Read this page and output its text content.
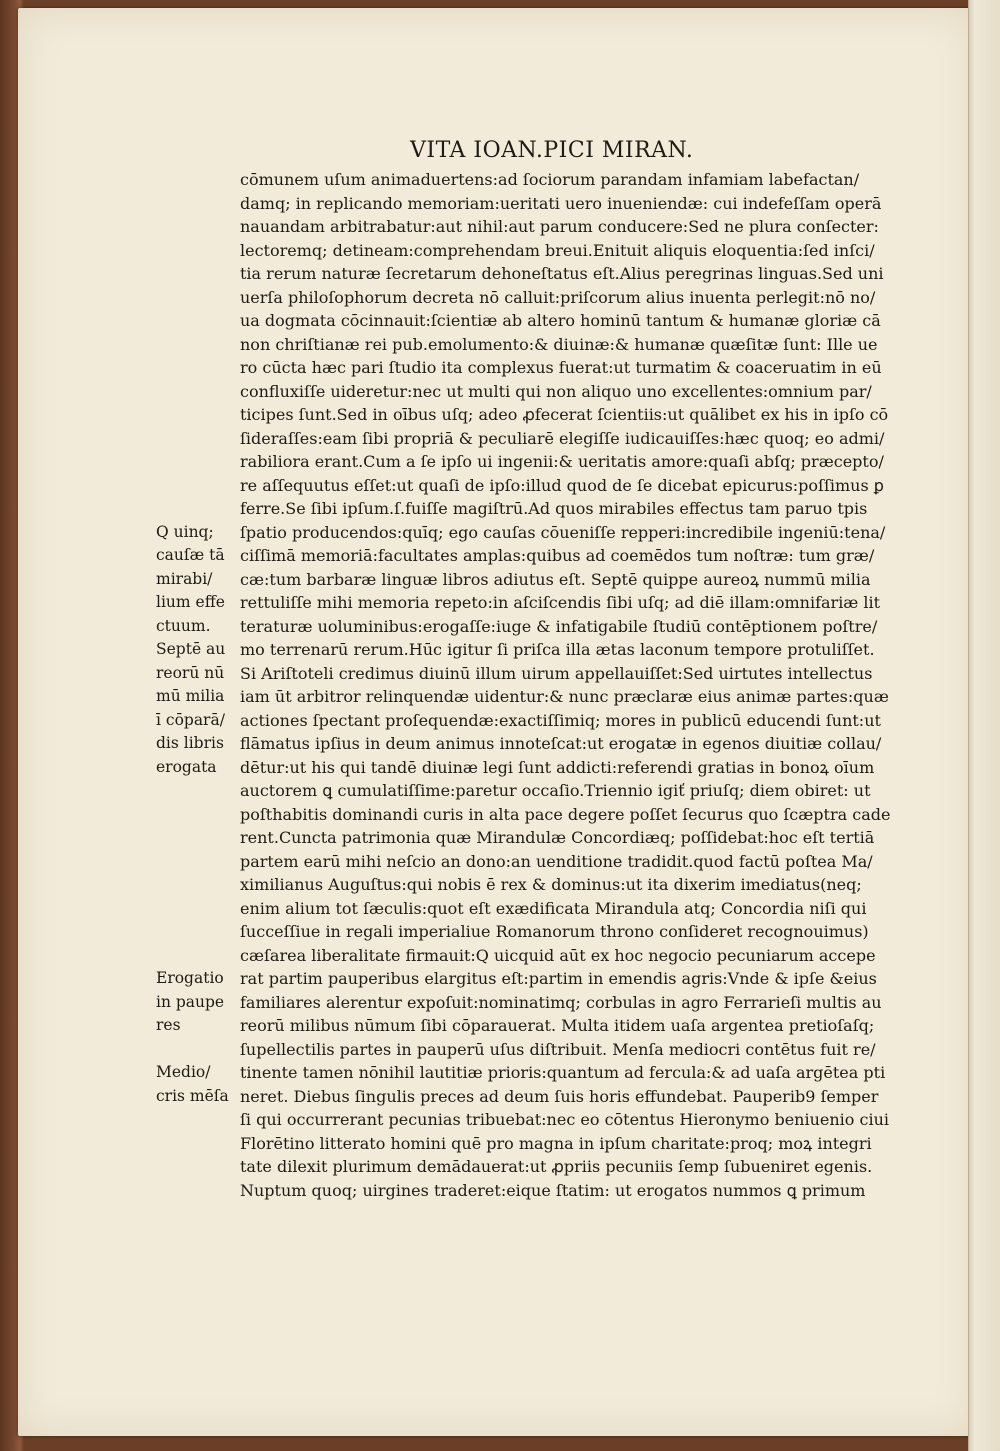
VITA IOAN.PICI MIRAN.
cōmunem uſum animaduertens:ad ſociorum parandam infamiam labefactan/
damq; in replicando memoriam:ueritati uero inueniendæ: cui indefeſſam operā
nauandam arbitrabatur:aut nihil:aut parum conducere:Sed ne plura conſecter:
lectoremq; detineam:comprehendam breui.Enituit aliquis eloquentia:ſed inſci/
tia rerum naturæ ſecretarum dehoneſtatus eſt.Alius peregrinas linguas.Sed uni
uerſa philoſophorum decreta nō calluit:priſcorum alius inuenta perlegit:nō no/
ua dogmata cōcinnauit:ſcientiæ ab altero hominū tantum & humanæ gloriæ cā
non chriſtianæ rei pub.emolumento:& diuinæ:& humanæ quæſitæ ſunt: Ille ue
ro cūcta hæc pari ſtudio ita complexus fuerat:ut turmatim & coaceruatim in eū
confluxiſſe uideretur:nec ut multi qui non aliquo uno excellentes:omnium par/
ticipes ſunt.Sed in oībus uſq; adeo ꝓfecerat ſcientiis:ut quālibet ex his in ipſo cō
ſideraſſes:eam ſibi propriā & peculiarē elegiſſe iudicauiſſes:hæc quoq; eo admi/
rabiliora erant.Cum a ſe ipſo ui ingenii:& ueritatis amore:quaſi abſq; præcepto/
re aſſequutus eſſet:ut quaſi de ipſo:illud quod de ſe dicebat epicurus:poſſimus ꝑ
ferre.Se ſibi ipſum.ſ.fuiſſe magiſtrū.Ad quos mirabiles effectus tam paruo tpis
ſpatio producendos:quīq; ego cauſas cōueniſſe repperi:incredibile ingeniū:tena/
ciſſimā memoriā:facultates amplas:quibus ad coemēdos tum noſtræ: tum græ/
cæ:tum barbaræ linguæ libros adiutus eſt. Septē quippe aureoꝝ nummū milia
rettuliſſe mihi memoria repeto:in aſciſcendis ſibi uſq; ad diē illam:omnifariæ lit
teraturæ uoluminibus:erogaſſe:iuge & infatigabile ſtudiū contēptionem poſtre/
mo terrenarū rerum.Hūc igitur ſi priſca illa ætas laconum tempore protuliſſet.
Si Ariſtoteli credimus diuinū illum uirum appellauiſſet:Sed uirtutes intellectus
iam ūt arbitror relinquendæ uidentur:& nunc præclaræ eius animæ partes:quæ
actiones ſpectant proſequendæ:exactiſſimiq; mores in publicū educendi ſunt:ut
flāmatus ipſius in deum animus innoteſcat:ut erogatæ in egenos diuitiæ collau/
dētur:ut his qui tandē diuinæ legi ſunt addicti:referendi gratias in bonoꝝ oīum
auctorem ꝗ cumulatiſſime:paretur occaſio.Triennio igiť priuſq; diem obiret: ut
poſthabitis dominandi curis in alta pace degere poſſet ſecurus quo ſcæptra cade
rent.Cuncta patrimonia quæ Mirandulæ Concordiæq; poſſidebat:hoc eſt tertiā
partem earū mihi neſcio an dono:an uenditione tradidit.quod factū poſtea Ma/
ximilianus Auguſtus:qui nobis ē rex & dominus:ut ita dixerim imediatus(neq;
enim alium tot ſæculis:quot eſt exædificata Mirandula atq; Concordia niſi qui
ſucceſſiue in regali imperialiue Romanorum throno conſideret recognouimus)
cæſarea liberalitate firmauit:Q uicquid aūt ex hoc negocio pecuniarum accepe
rat partim pauperibus elargitus eſt:partim in emendis agris:Vnde & ipſe &eius
familiares alerentur expoſuit:nominatimq; corbulas in agro Ferrarieſi multis au
reorū milibus nūmum ſibi cōparauerat. Multa itidem uaſa argentea pretioſaſq;
ſupellectilis partes in pauperū uſus diſtribuit. Menſa mediocri contētus fuit re/
tinente tamen nōnihil lautitiæ prioris:quantum ad fercula:& ad uaſa argētea pti
neret. Diebus ſingulis preces ad deum ſuis horis effundebat. Pauperib9 ſemper
ſi qui occurrerant pecunias tribuebat:nec eo cōtentus Hieronymo beniuenio ciui
Florētino litterato homini quē pro magna in ipſum charitate:proq; moꝝ integri
tate dilexit plurimum demādauerat:ut ꝓpriis pecuniis ſemp ſubueniret egenis.
Nuptum quoq; uirgines traderet:eique ſtatim: ut erogatos nummos ꝗ primum
Q uinq;
cauſæ tā
mirabi/
lium effe
ctuum.
Septē au
reorū nū
mū milia
ī cōparā/
dis libris
erogata
Erogatio
in paupe
res
Medio/
cris mēſa
